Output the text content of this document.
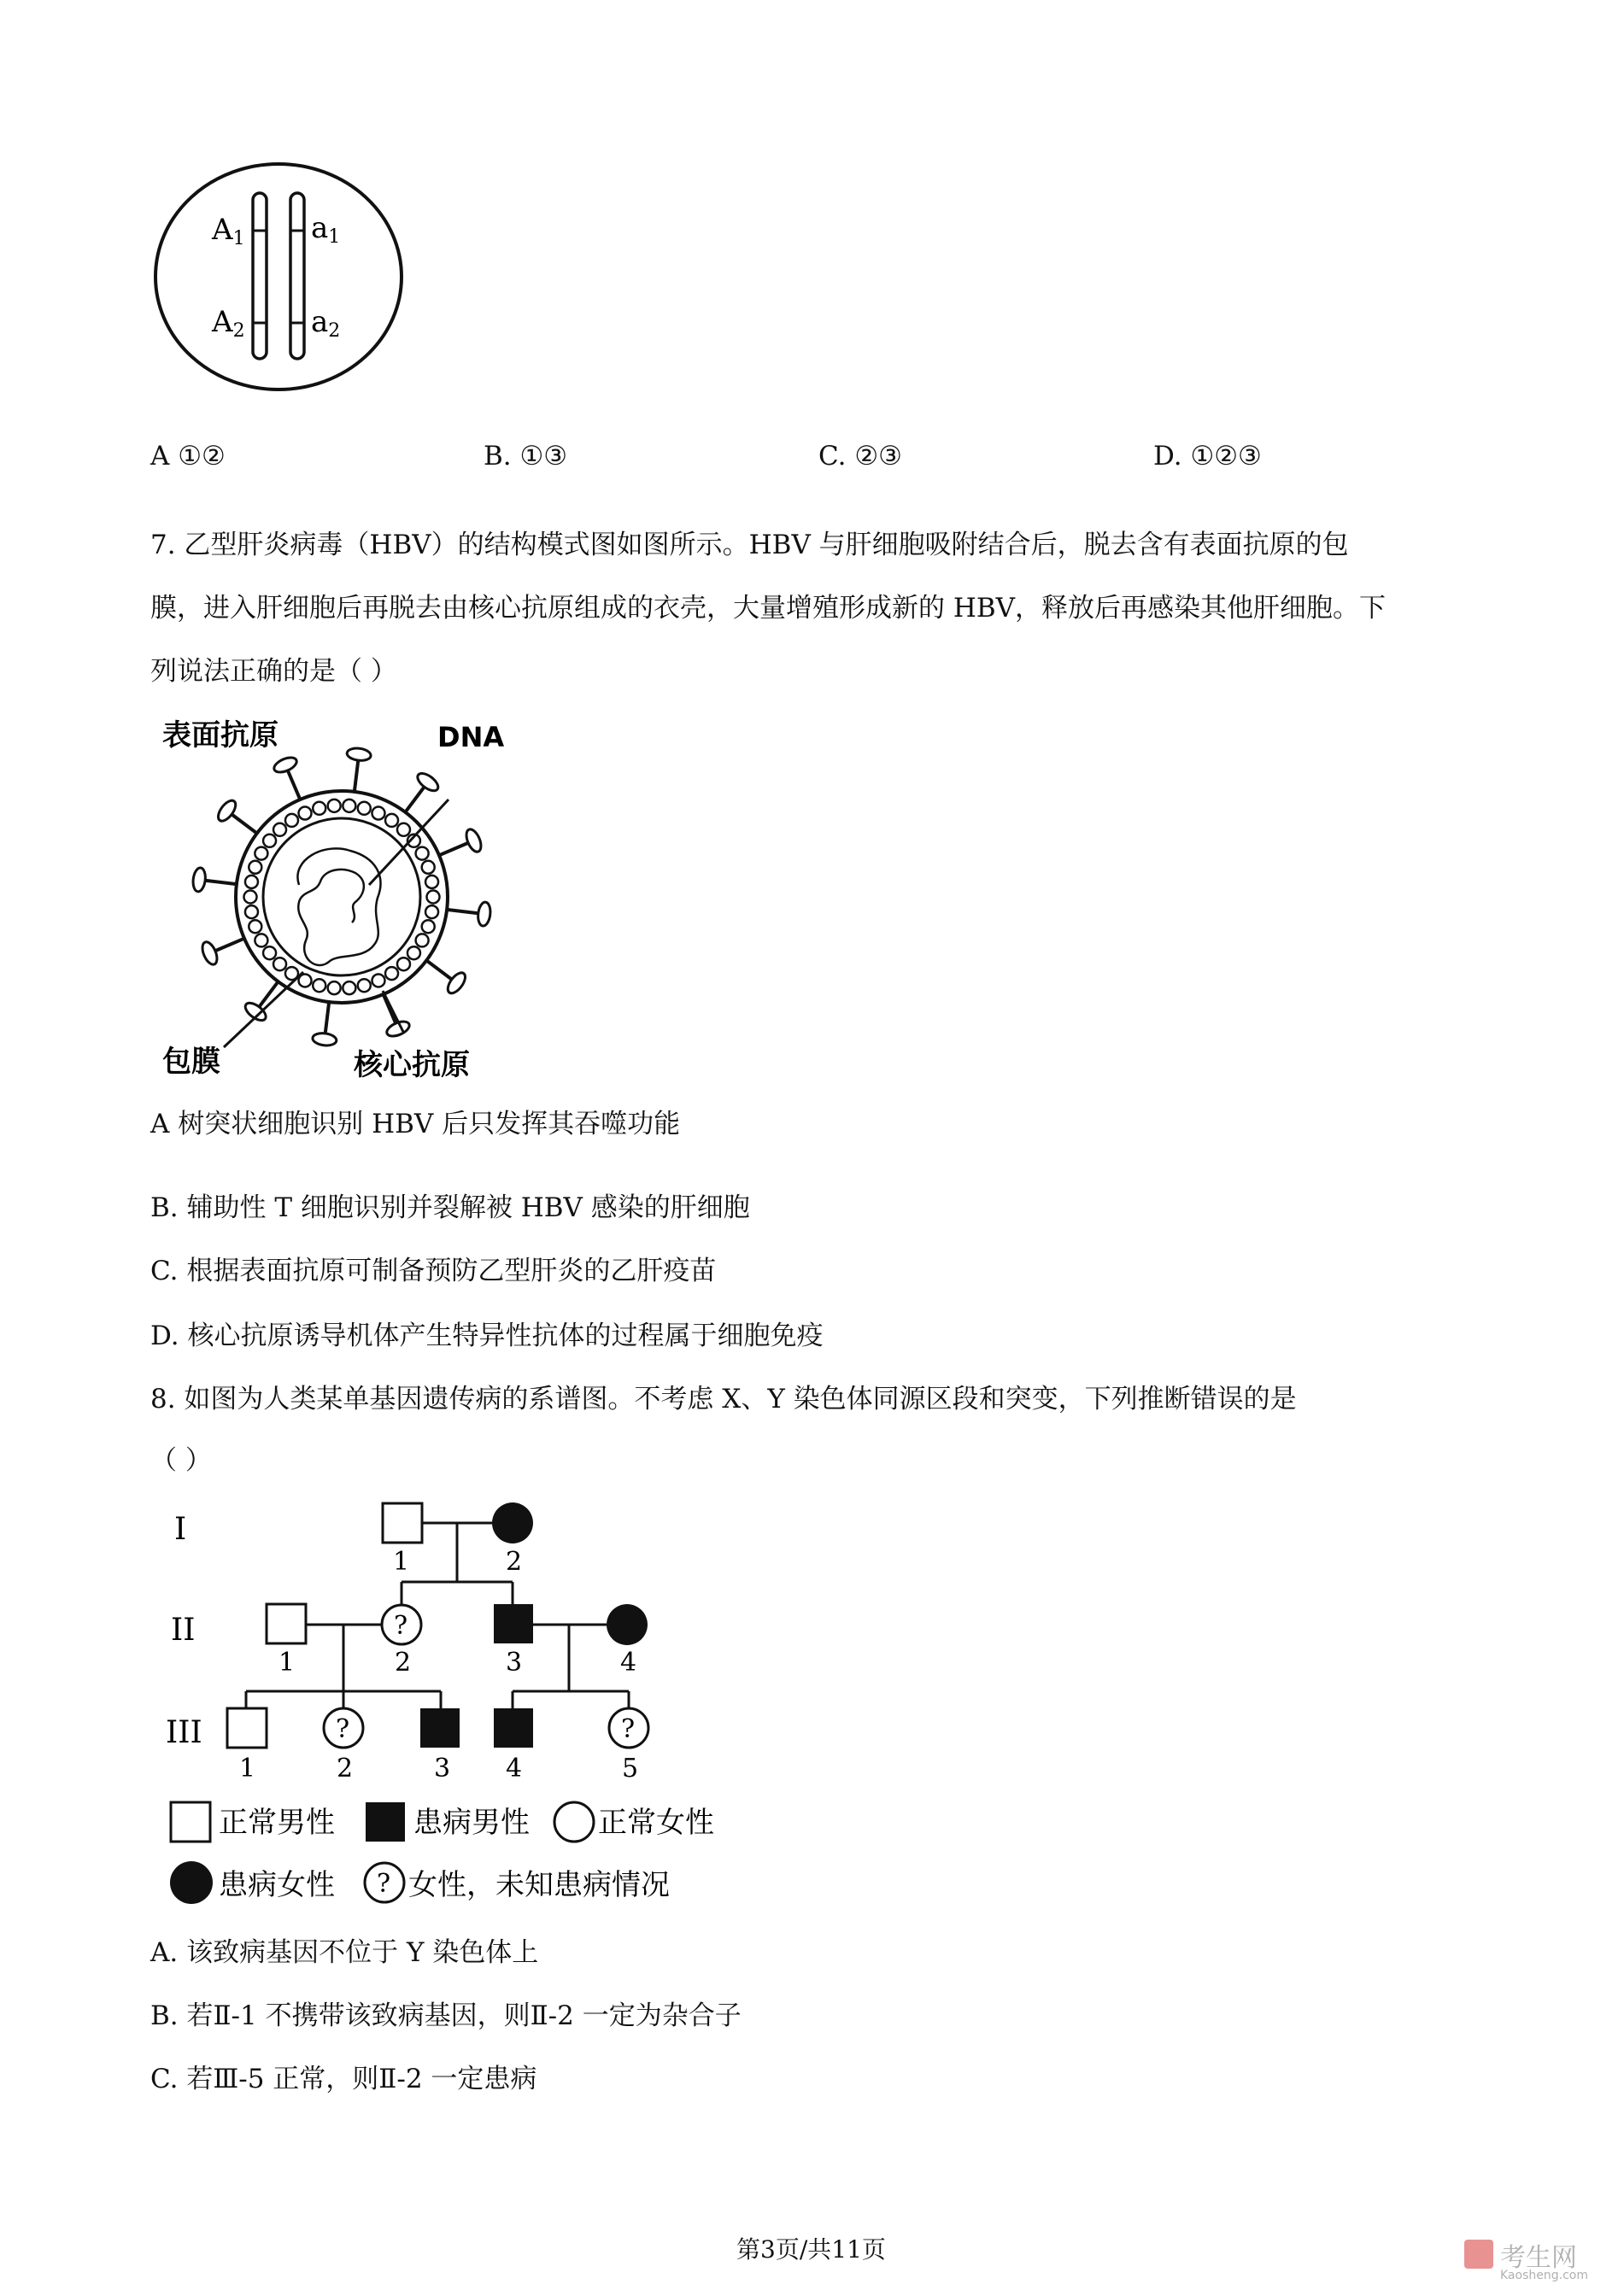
A1 a1
A2 a2
A ①②	B. ①③	C. ②③	D. ①②③
7. 乙型肝炎病毒（HBV）的结构模式图如图所示。HBV 与肝细胞吸附结合后，脱去含有表面抗原的包
膜，进入肝细胞后再脱去由核心抗原组成的衣壳，大量增殖形成新的 HBV，释放后再感染其他肝细胞。下
列说法正确的是（ ）
表面抗原	DNA
包膜	核心抗原
A 树突状细胞识别 HBV 后只发挥其吞噬功能
B. 辅助性 T 细胞识别并裂解被 HBV 感染的肝细胞
C. 根据表面抗原可制备预防乙型肝炎的乙肝疫苗
D. 核心抗原诱导机体产生特异性抗体的过程属于细胞免疫
8. 如图为人类某单基因遗传病的系谱图。不考虑 X、Y 染色体同源区段和突变，下列推断错误的是
（ ）
I
II
III
1	2
?
1	2	3	4
?	?
1	2	3 4	5
正常男性	患病男性 正常女性
患病女性 ? 女性，未知患病情况
A. 该致病基因不位于 Y 染色体上
B. 若Ⅱ-1 不携带该致病基因，则Ⅱ-2 一定为杂合子
C. 若Ⅲ-5 正常，则Ⅱ-2 一定患病
第3页/共11页	考生网
Kaosheng.com
